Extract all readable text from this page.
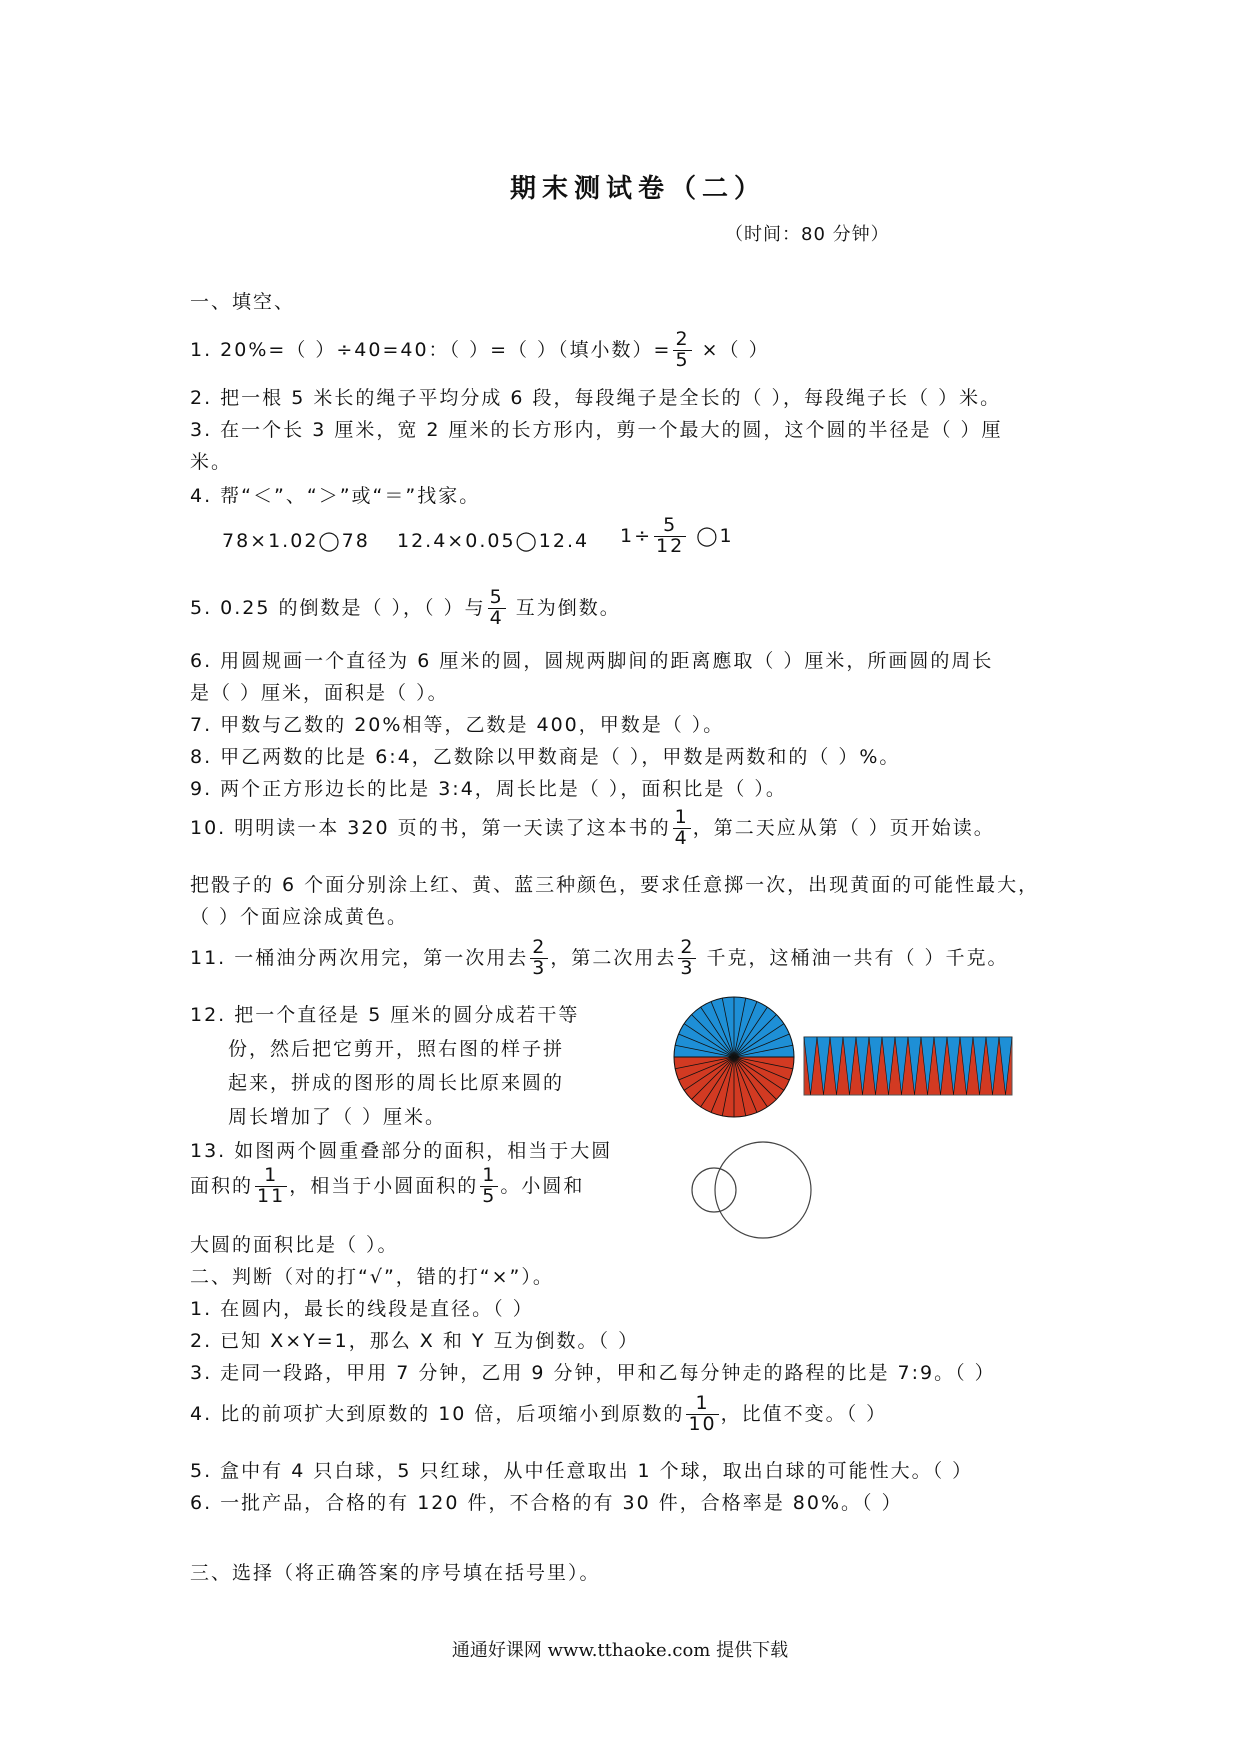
期末测试卷（二）
（时间：80 分钟）
一、填空、
1. 20%=（ ）÷40=40：（ ）=（ ）（填小数）= $\frac{2}{5}$ ×（ ）
2. 把一根 5 米长的绳子平均分成 6 段，每段绳子是全长的（ ），每段绳子长（ ）米。
3. 在一个长 3 厘米，宽 2 厘米的长方形内，剪一个最大的圆，这个圆的半径是（ ）厘
米。
4. 帮“＜”、“＞”或“＝”找家。
78×1.02◯78 12.4×0.05◯12.4 $1\div \frac{5}{12}$ ◯1
5. 0.25 的倒数是（ ），（ ）与 $\frac{5}{4}$ 互为倒数。
6. 用圆规画一个直径为 6 厘米的圆，圆规两脚间的距离應取（ ）厘米，所画圆的周长
是（ ）厘米，面积是（ ）。
7. 甲数与乙数的 20%相等，乙数是 400，甲数是（ ）。
8. 甲乙两数的比是 6:4，乙数除以甲数商是（ ），甲数是两数和的（ ）%。
9. 两个正方形边长的比是 3:4，周长比是（ ），面积比是（ ）。
10. 明明读一本 320 页的书，第一天读了这本书的 $\frac{1}{4}$ ，第二天应从第（ ）页开始读。
把骰子的 6 个面分别涂上红、黄、蓝三种颜色，要求任意掷一次，出现黄面的可能性最大，
（ ）个面应涂成黄色。
11. 一桶油分两次用完，第一次用去 $\frac{2}{3}$ ，第二次用去 $\frac{2}{3}$ 千克，这桶油一共有（ ）千克。
12. 把一个直径是 5 厘米的圆分成若干等
份，然后把它剪开，照右图的样子拼
起来，拼成的图形的周长比原来圆的
周长增加了（ ）厘米。
13. 如图两个圆重叠部分的面积，相当于大圆
面积的 $\frac{1}{11}$ ，相当于小圆面积的 $\frac{1}{5}$ 。小圆和
大圆的面积比是（ ）。
二、判断（对的打“√”，错的打“×”）。
1. 在圆内，最长的线段是直径。（ ）
2. 已知 X×Y=1，那么 X 和 Y 互为倒数。（ ）
3. 走同一段路，甲用 7 分钟，乙用 9 分钟，甲和乙每分钟走的路程的比是 7:9。（ ）
4. 比的前项扩大到原数的 10 倍，后项缩小到原数的 $\frac{1}{10}$ ，比值不变。（ ）
5. 盒中有 4 只白球，5 只红球，从中任意取出 1 个球，取出白球的可能性大。（ ）
6. 一批产品，合格的有 120 件，不合格的有 30 件，合格率是 80%。（ ）
三、选择（将正确答案的序号填在括号里）。
通通好课网 www.tthaoke.com 提供下载
